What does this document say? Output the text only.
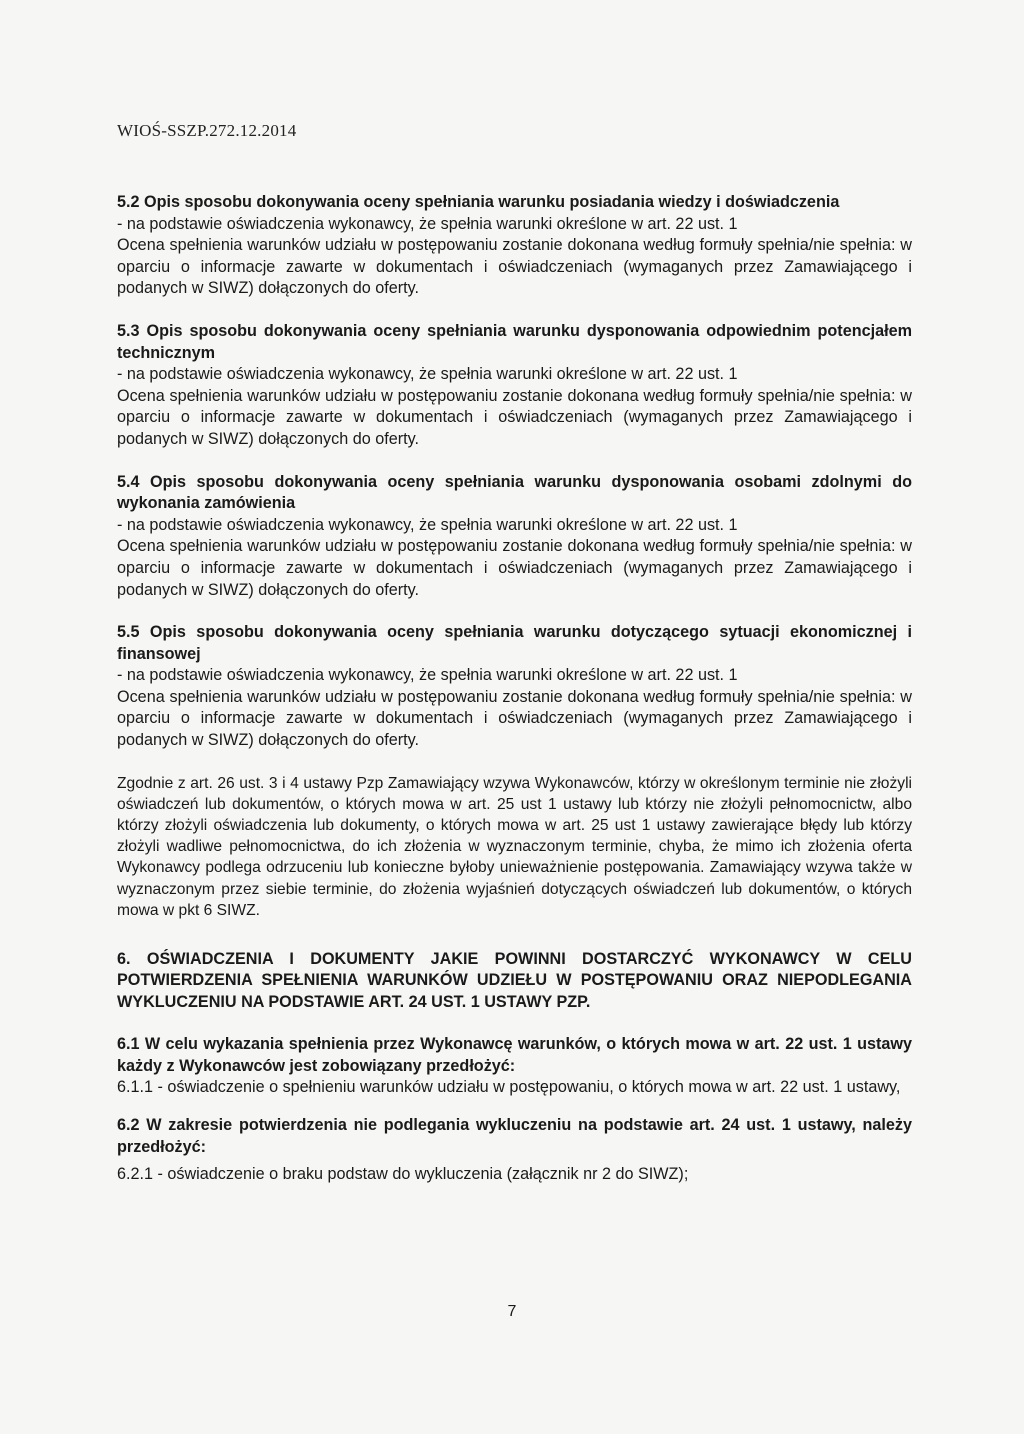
WIOŚ-SSZP.272.12.2014

5.2 Opis sposobu dokonywania oceny spełniania warunku posiadania wiedzy i doświadczenia

- na podstawie oświadczenia wykonawcy, że spełnia warunki określone w art. 22 ust. 1

Ocena spełnienia warunków udziału w postępowaniu zostanie dokonana według formuły spełnia/nie spełnia: w oparciu o informacje zawarte w dokumentach i oświadczeniach (wymaganych przez Zamawiającego i podanych w SIWZ) dołączonych do oferty.

5.3 Opis sposobu dokonywania oceny spełniania warunku dysponowania odpowiednim potencjałem technicznym

- na podstawie oświadczenia wykonawcy, że spełnia warunki określone w art. 22 ust. 1

Ocena spełnienia warunków udziału w postępowaniu zostanie dokonana według formuły spełnia/nie spełnia: w oparciu o informacje zawarte w dokumentach i oświadczeniach (wymaganych przez Zamawiającego i podanych w SIWZ) dołączonych do oferty.

5.4 Opis sposobu dokonywania oceny spełniania warunku dysponowania osobami zdolnymi do wykonania zamówienia

- na podstawie oświadczenia wykonawcy, że spełnia warunki określone w art. 22 ust. 1

Ocena spełnienia warunków udziału w postępowaniu zostanie dokonana według formuły spełnia/nie spełnia: w oparciu o informacje zawarte w dokumentach i oświadczeniach (wymaganych przez Zamawiającego i podanych w SIWZ) dołączonych do oferty.

5.5 Opis sposobu dokonywania oceny spełniania warunku dotyczącego sytuacji ekonomicznej i finansowej

- na podstawie oświadczenia wykonawcy, że spełnia warunki określone w art. 22 ust. 1

Ocena spełnienia warunków udziału w postępowaniu zostanie dokonana według formuły spełnia/nie spełnia: w oparciu o informacje zawarte w dokumentach i oświadczeniach (wymaganych przez Zamawiającego i podanych w SIWZ) dołączonych do oferty.

Zgodnie z art. 26 ust. 3 i 4 ustawy Pzp Zamawiający wzywa Wykonawców, którzy w określonym terminie nie złożyli oświadczeń lub dokumentów, o których mowa w art. 25 ust 1 ustawy lub którzy nie złożyli pełnomocnictw, albo którzy złożyli oświadczenia lub dokumenty, o których mowa w art. 25 ust 1 ustawy zawierające błędy lub którzy złożyli wadliwe pełnomocnictwa, do ich złożenia w wyznaczonym terminie, chyba, że mimo ich złożenia oferta Wykonawcy podlega odrzuceniu lub konieczne byłoby unieważnienie postępowania. Zamawiający wzywa także w wyznaczonym przez siebie terminie, do złożenia wyjaśnień dotyczących oświadczeń lub dokumentów, o których mowa w pkt 6 SIWZ.

6. OŚWIADCZENIA I DOKUMENTY JAKIE POWINNI DOSTARCZYĆ WYKONAWCY W CELU POTWIERDZENIA SPEŁNIENIA WARUNKÓW UDZIEŁU W POSTĘPOWANIU ORAZ NIEPODLEGANIA WYKLUCZENIU NA PODSTAWIE ART. 24 UST. 1 USTAWY PZP.

6.1 W celu wykazania spełnienia przez Wykonawcę warunków, o których mowa w art. 22 ust. 1 ustawy każdy z Wykonawców jest zobowiązany przedłożyć:

6.1.1 - oświadczenie o spełnieniu warunków udziału w postępowaniu, o których mowa w art. 22 ust. 1 ustawy,

6.2 W zakresie potwierdzenia nie podlegania wykluczeniu na podstawie art. 24 ust. 1 ustawy, należy przedłożyć:

6.2.1 - oświadczenie o braku podstaw do wykluczenia (załącznik nr 2 do SIWZ);

7
